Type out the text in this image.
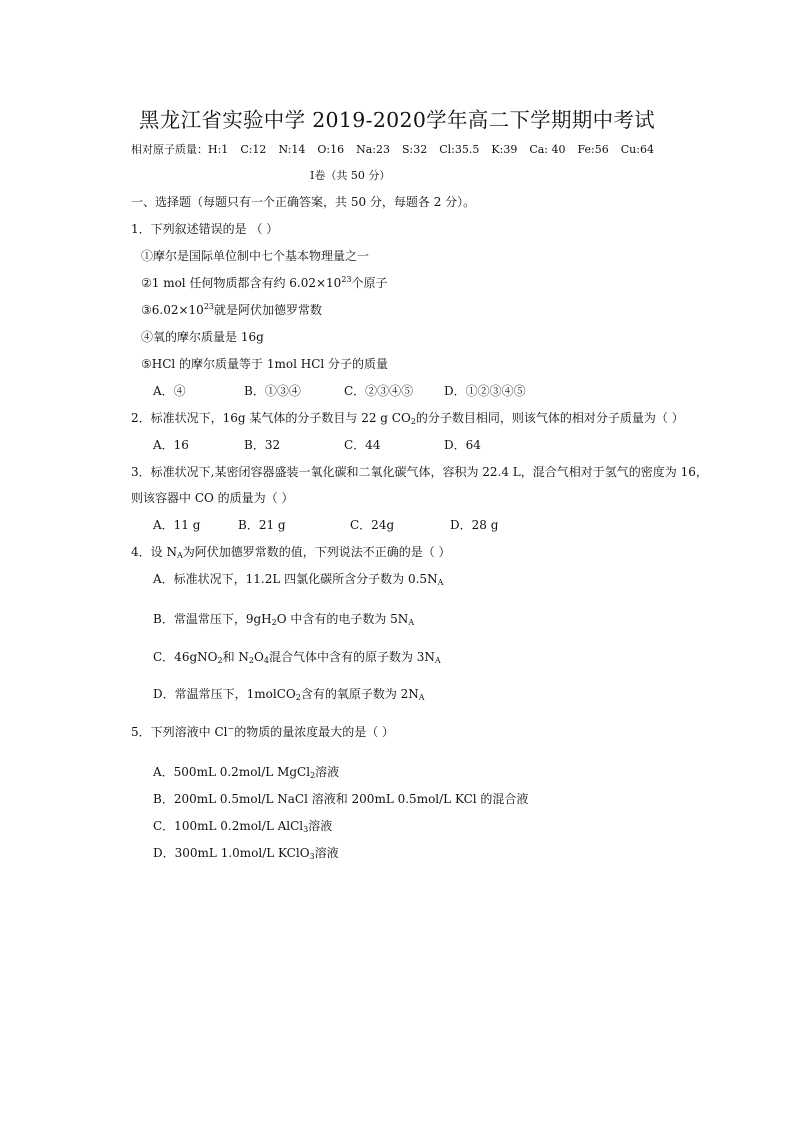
黑龙江省实验中学 2019-2020学年高二下学期期中考试
相对原子质量：H:1 C:12 N:14 O:16 Na:23 S:32 Cl:35.5 K:39 Ca: 40 Fe:56 Cu:64
I卷（共 50 分）
一、选择题（每题只有一个正确答案，共 50 分，每题各 2 分）。
1．下列叙述错误的是 （ ）
①摩尔是国际单位制中七个基本物理量之一
②1 mol 任何物质都含有约 $6.02\times 10^{23}$个原子
$③6.02\times 10^{23}$就是阿伏加德罗常数
④氧的摩尔质量是 16g
⑤HCl 的摩尔质量等于 1mol HCl 分子的质量
A．④	B．①③④	C．②③④⑤	D．①②③④⑤
2．标准状况下，16g 某气体的分子数目与 22 g $CO_2$的分子数目相同，则该气体的相对分子质量为（ ）
A．16	B．32	C．44	D．64
3．标准状况下,某密闭容器盛装一氧化碳和二氧化碳气体，容积为 22.4 L，混合气相对于氢气的密度为 16，
则该容器中 CO 的质量为（ ）
A．11 g	B．21 g	C．24g	D．28 g
4．设 $N_A$为阿伏加德罗常数的值，下列说法不正确的是（ ）
A．标准状况下，11.2L 四氯化碳所含分子数为 $0.5N_A$
B．常温常压下，$9gH_2O$ 中含有的电子数为 $5N_A$
C．46gNO$_2$和 $N_2O_4$混合气体中含有的原子数为 $3N_A$
D．常温常压下，1molCO$_2$含有的氧原子数为 $2N_A$
5．下列溶液中 Cl−的物质的量浓度最大的是（ ）
A．500mL 0.2mol/L MgCl$_2$溶液
B．200mL 0.5mol/L NaCl 溶液和 200mL 0.5mol/L KCl 的混合液
C．100mL 0.2mol/L AlCl$_3$溶液
D．300mL 1.0mol/L KClO$_3$溶液
